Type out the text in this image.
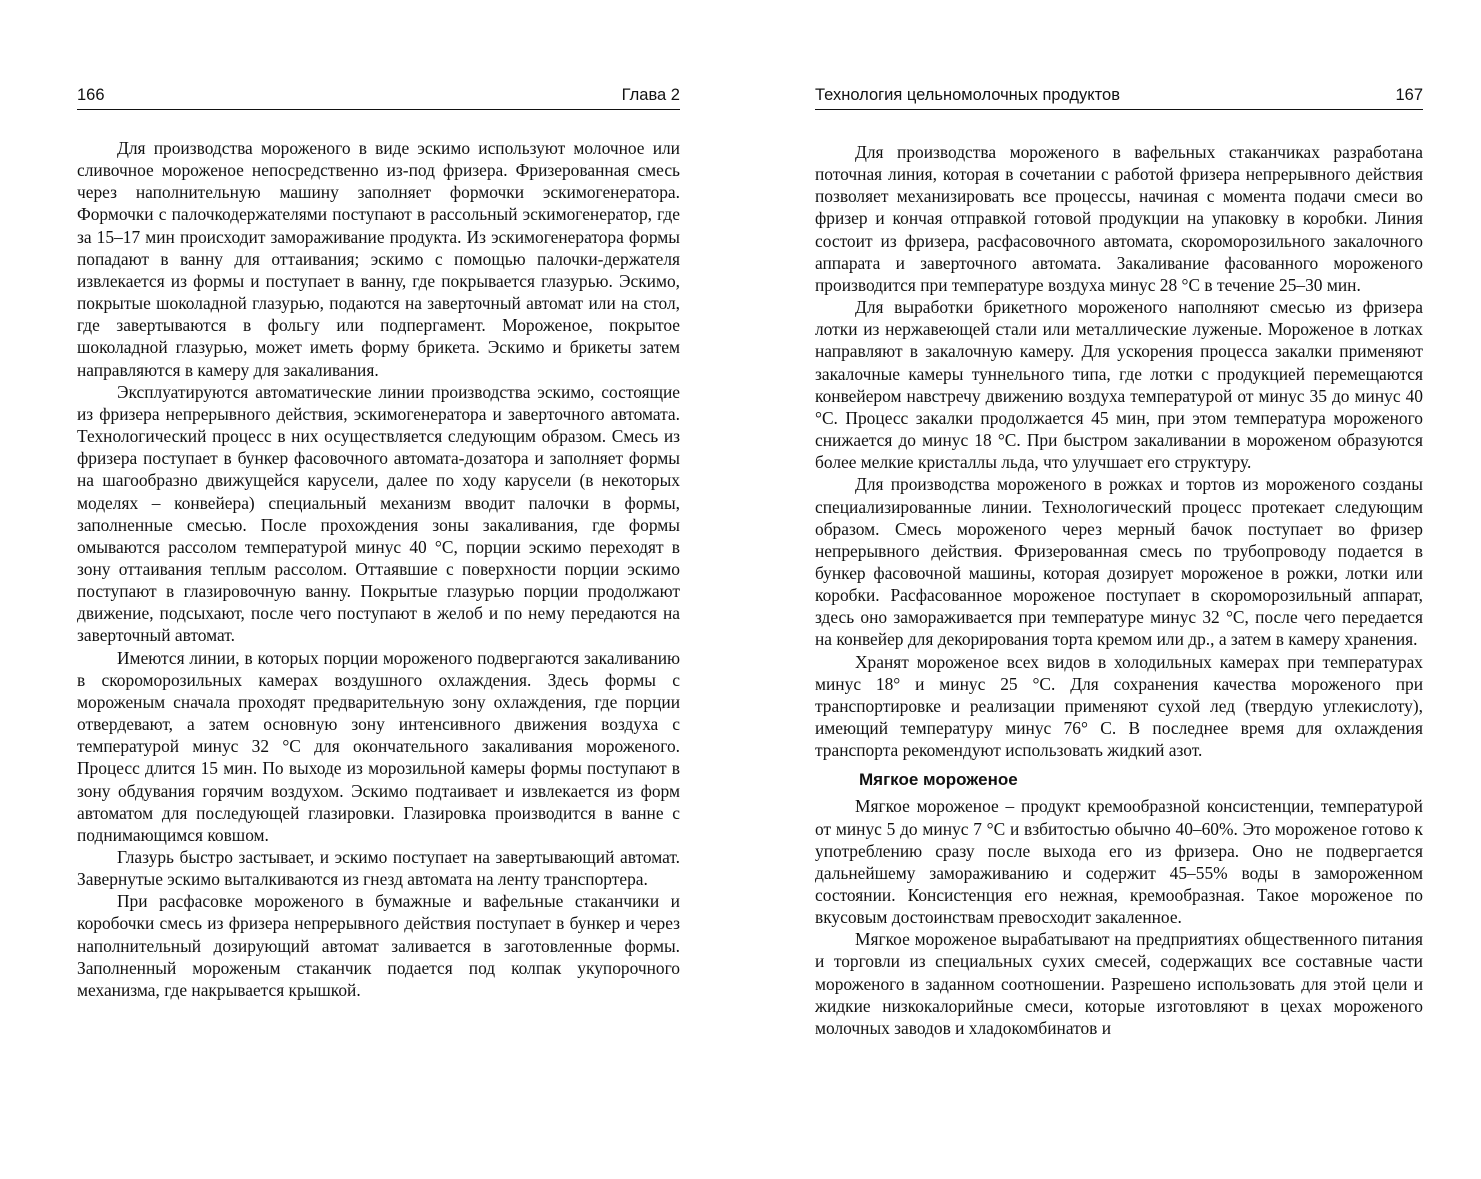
166	Глава 2

Для производства мороженого в виде эскимо используют молочное или сливочное мороженое непосредственно из-под фризера. Фризерованная смесь через наполнительную машину заполняет формочки эскимогенератора. Формочки с палочкодержателями поступают в рассольный эскимогенератор, где за 15–17 мин происходит замораживание продукта. Из эскимогенератора формы попадают в ванну для оттаивания; эскимо с помощью палочки-держателя извлекается из формы и поступает в ванну, где покрывается глазурью. Эскимо, покрытые шоколадной глазурью, подаются на заверточный автомат или на стол, где завертываются в фольгу или подпергамент. Мороженое, покрытое шоколадной глазурью, может иметь форму брикета. Эскимо и брикеты затем направляются в камеру для закаливания.

Эксплуатируются автоматические линии производства эскимо, состоящие из фризера непрерывного действия, эскимогенератора и заверточного автомата. Технологический процесс в них осуществляется следующим образом. Смесь из фризера поступает в бункер фасовочного автомата-дозатора и заполняет формы на шагообразно движущейся карусели, далее по ходу карусели (в некоторых моделях – конвейера) специальный механизм вводит палочки в формы, заполненные смесью. После прохождения зоны закаливания, где формы омываются рассолом температурой минус 40 °C, порции эскимо переходят в зону оттаивания теплым рассолом. Оттаявшие с поверхности порции эскимо поступают в глазировочную ванну. Покрытые глазурью порции продолжают движение, подсыхают, после чего поступают в желоб и по нему передаются на заверточный автомат.

Имеются линии, в которых порции мороженого подвергаются закаливанию в скороморозильных камерах воздушного охлаждения. Здесь формы с мороженым сначала проходят предварительную зону охлаждения, где порции отвердевают, а затем основную зону интенсивного движения воздуха с температурой минус 32 °C для окончательного закаливания мороженого. Процесс длится 15 мин. По выходе из морозильной камеры формы поступают в зону обдувания горячим воздухом. Эскимо подтаивает и извлекается из форм автоматом для последующей глазировки. Глазировка производится в ванне с поднимающимся ковшом.

Глазурь быстро застывает, и эскимо поступает на завертывающий автомат. Завернутые эскимо выталкиваются из гнезд автомата на ленту транспортера.

При расфасовке мороженого в бумажные и вафельные стаканчики и коробочки смесь из фризера непрерывного действия поступает в бункер и через наполнительный дозирующий автомат заливается в заготовленные формы. Заполненный мороженым стаканчик подается под колпак укупорочного механизма, где накрывается крышкой.

Технология цельномолочных продуктов	167

Для производства мороженого в вафельных стаканчиках разработана поточная линия, которая в сочетании с работой фризера непрерывного действия позволяет механизировать все процессы, начиная с момента подачи смеси во фризер и кончая отправкой готовой продукции на упаковку в коробки. Линия состоит из фризера, расфасовочного автомата, скороморозильного закалочного аппарата и заверточного автомата. Закаливание фасованного мороженого производится при температуре воздуха минус 28 °C в течение 25–30 мин.

Для выработки брикетного мороженого наполняют смесью из фризера лотки из нержавеющей стали или металлические луженые. Мороженое в лотках направляют в закалочную камеру. Для ускорения процесса закалки применяют закалочные камеры туннельного типа, где лотки с продукцией перемещаются конвейером навстречу движению воздуха температурой от минус 35 до минус 40 °C. Процесс закалки продолжается 45 мин, при этом температура мороженого снижается до минус 18 °C. При быстром закаливании в мороженом образуются более мелкие кристаллы льда, что улучшает его структуру.

Для производства мороженого в рожках и тортов из мороженого созданы специализированные линии. Технологический процесс протекает следующим образом. Смесь мороженого через мерный бачок поступает во фризер непрерывного действия. Фризерованная смесь по трубопроводу подается в бункер фасовочной машины, которая дозирует мороженое в рожки, лотки или коробки. Расфасованное мороженое поступает в скороморозильный аппарат, здесь оно замораживается при температуре минус 32 °C, после чего передается на конвейер для декорирования торта кремом или др., а затем в камеру хранения.

Хранят мороженое всех видов в холодильных камерах при температурах минус 18° и минус 25 °C. Для сохранения качества мороженого при транспортировке и реализации применяют сухой лед (твердую углекислоту), имеющий температуру минус 76° C. В последнее время для охлаждения транспорта рекомендуют использовать жидкий азот.

Мягкое мороженое

Мягкое мороженое – продукт кремообразной консистенции, температурой от минус 5 до минус 7 °C и взбитостью обычно 40–60%. Это мороженое готово к употреблению сразу после выхода его из фризера. Оно не подвергается дальнейшему замораживанию и содержит 45–55% воды в замороженном состоянии. Консистенция его нежная, кремообразная. Такое мороженое по вкусовым достоинствам превосходит закаленное.

Мягкое мороженое вырабатывают на предприятиях общественного питания и торговли из специальных сухих смесей, содержащих все составные части мороженого в заданном соотношении. Разрешено использовать для этой цели и жидкие низкокалорийные смеси, которые изготовляют в цехах мороженого молочных заводов и хладокомбинатов и
